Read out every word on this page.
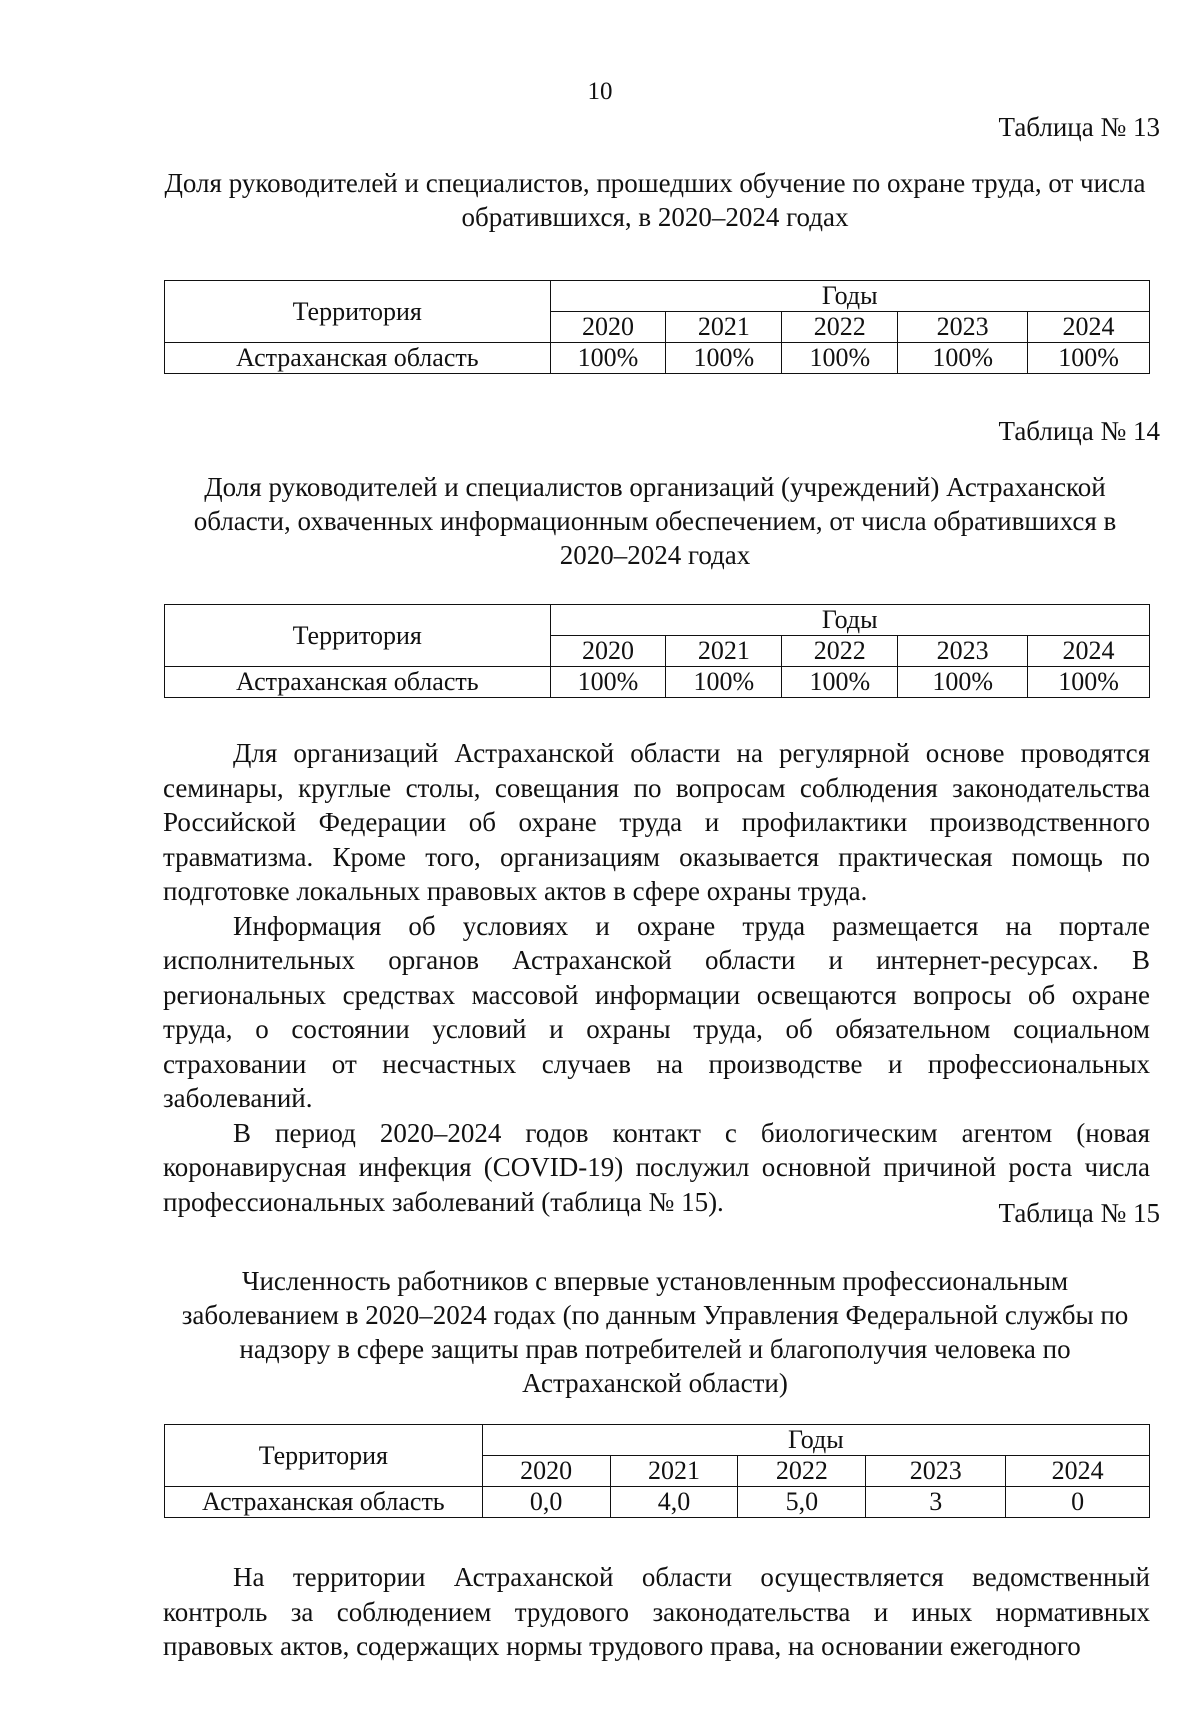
10
Таблица № 13
Доля руководителей и специалистов, прошедших обучение по охране труда, от числа обратившихся, в 2020–2024 годах
Территория	Годы				
	2020	2021	2022	2023	2024
Астраханская область	100%	100%	100%	100%	100%
Таблица № 14
Доля руководителей и специалистов организаций (учреждений) Астраханской области, охваченных информационным обеспечением, от числа обратившихся в 2020–2024 годах
Территория	Годы				
	2020	2021	2022	2023	2024
Астраханская область	100%	100%	100%	100%	100%

Для организаций Астраханской области на регулярной основе проводятся семинары, круглые столы, совещания по вопросам соблюдения законодательства Российской Федерации об охране труда и профилактики производственного травматизма. Кроме того, организациям оказывается практическая помощь по подготовке локальных правовых актов в сфере охраны труда.

Информация об условиях и охране труда размещается на портале исполнительных органов Астраханской области и интернет-ресурсах. В региональных средствах массовой информации освещаются вопросы об охране труда, о состоянии условий и охраны труда, об обязательном социальном страховании от несчастных случаев на производстве и профессиональных заболеваний.

В период 2020–2024 годов контакт с биологическим агентом (новая коронавирусная инфекция (COVID-19) послужил основной причиной роста числа профессиональных заболеваний (таблица № 15).	Таблица № 15
Численность работников с впервые установленным профессиональным заболеванием в 2020–2024 годах (по данным Управления Федеральной службы по надзору в сфере защиты прав потребителей и благополучия человека по Астраханской области)
Территория	Годы				
	2020	2021	2022	2023	2024
Астраханская область	0,0	4,0	5,0	3	0

На территории Астраханской области осуществляется ведомственный контроль за соблюдением трудового законодательства и иных нормативных правовых актов, содержащих нормы трудового права, на основании ежегодного
